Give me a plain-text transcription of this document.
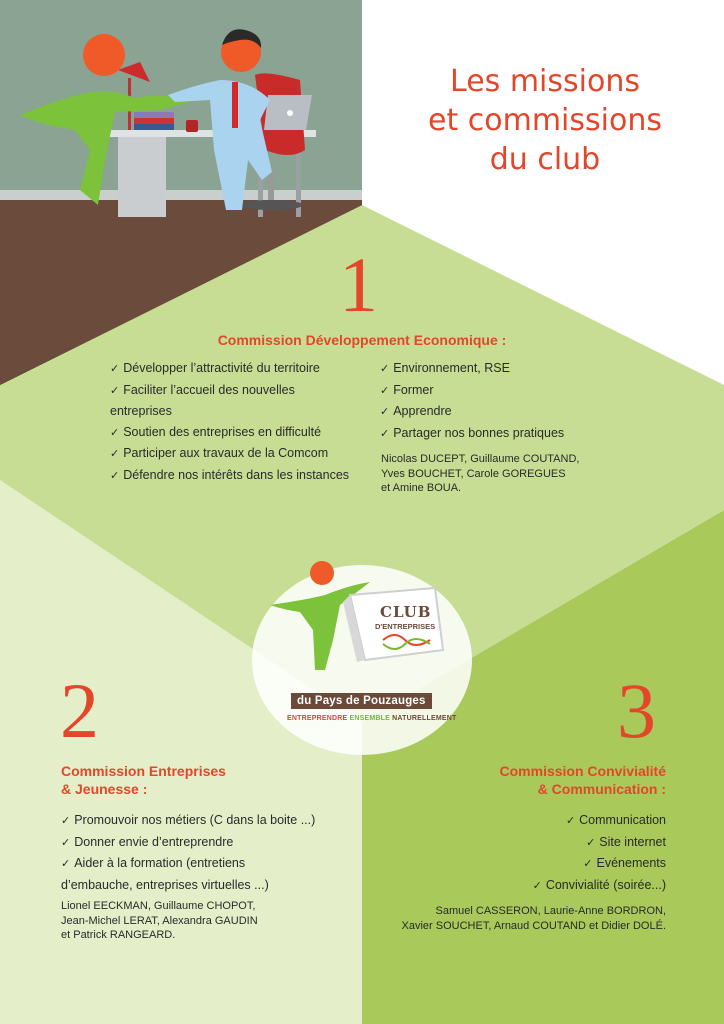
Les missions
et commissions
du club
1
Commission Développement Economique :
✓ Développer l’attractivité du territoire
✓ Faciliter l’accueil des nouvelles entreprises
✓ Soutien des entreprises en difficulté
✓ Participer aux travaux de la Comcom
✓ Défendre nos intérêts dans les instances
✓ Environnement, RSE
✓ Former
✓ Apprendre
✓ Partager nos bonnes pratiques

Nicolas DUCEPT, Guillaume COUTAND,
Yves BOUCHET, Carole GOREGUES
et Amine BOUA.

CLUB
D'ENTREPRISES
du Pays de Pouzauges
ENTREPRENDRE ENSEMBLE NATURELLEMENT
2
Commission Entreprises
& Jeunesse :
✓ Promouvoir nos métiers (C dans la boite ...)
✓ Donner envie d’entreprendre
✓ Aider à la formation (entretiens d’embauche, entreprises virtuelles ...)

Lionel EECKMAN, Guillaume CHOPOT,
Jean-Michel LERAT, Alexandra GAUDIN
et Patrick RANGEARD.

3
Commission Convivialité
& Communication :
✓ Communication
✓ Site internet
✓ Evénements
✓ Convivialité (soirée...)

Samuel CASSERON, Laurie-Anne BORDRON,
Xavier SOUCHET, Arnaud COUTAND et Didier DOLÉ.
